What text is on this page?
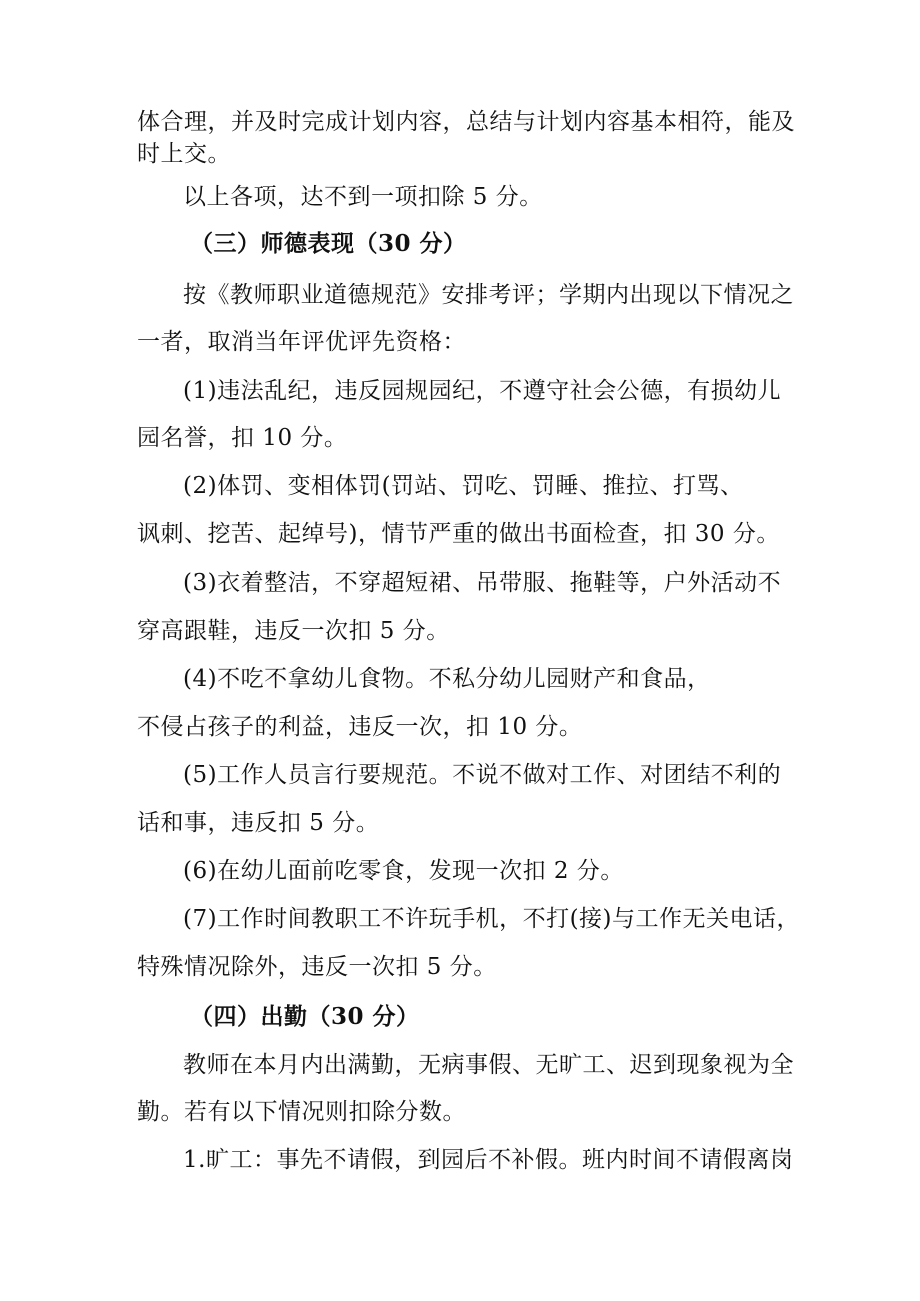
体合理，并及时完成计划内容，总结与计划内容基本相符，能及
时上交。
以上各项，达不到一项扣除 5 分。
（三）师德表现（30 分）
按《教师职业道德规范》安排考评；学期内出现以下情况之
一者，取消当年评优评先资格：
(1)违法乱纪，违反园规园纪，不遵守社会公德，有损幼儿
园名誉，扣 10 分。
(2)体罚、变相体罚(罚站、罚吃、罚睡、推拉、打骂、
讽刺、挖苦、起绰号)，情节严重的做出书面检查，扣 30 分。
(3)衣着整洁，不穿超短裙、吊带服、拖鞋等，户外活动不
穿高跟鞋，违反一次扣 5 分。
(4)不吃不拿幼儿食物。不私分幼儿园财产和食品，
不侵占孩子的利益，违反一次，扣 10 分。
(5)工作人员言行要规范。不说不做对工作、对团结不利的
话和事，违反扣 5 分。
(6)在幼儿面前吃零食，发现一次扣 2 分。
(7)工作时间教职工不许玩手机，不打(接)与工作无关电话，
特殊情况除外，违反一次扣 5 分。
（四）出勤（30 分）
教师在本月内出满勤，无病事假、无旷工、迟到现象视为全
勤。若有以下情况则扣除分数。
1.旷工：事先不请假，到园后不补假。班内时间不请假离岗
